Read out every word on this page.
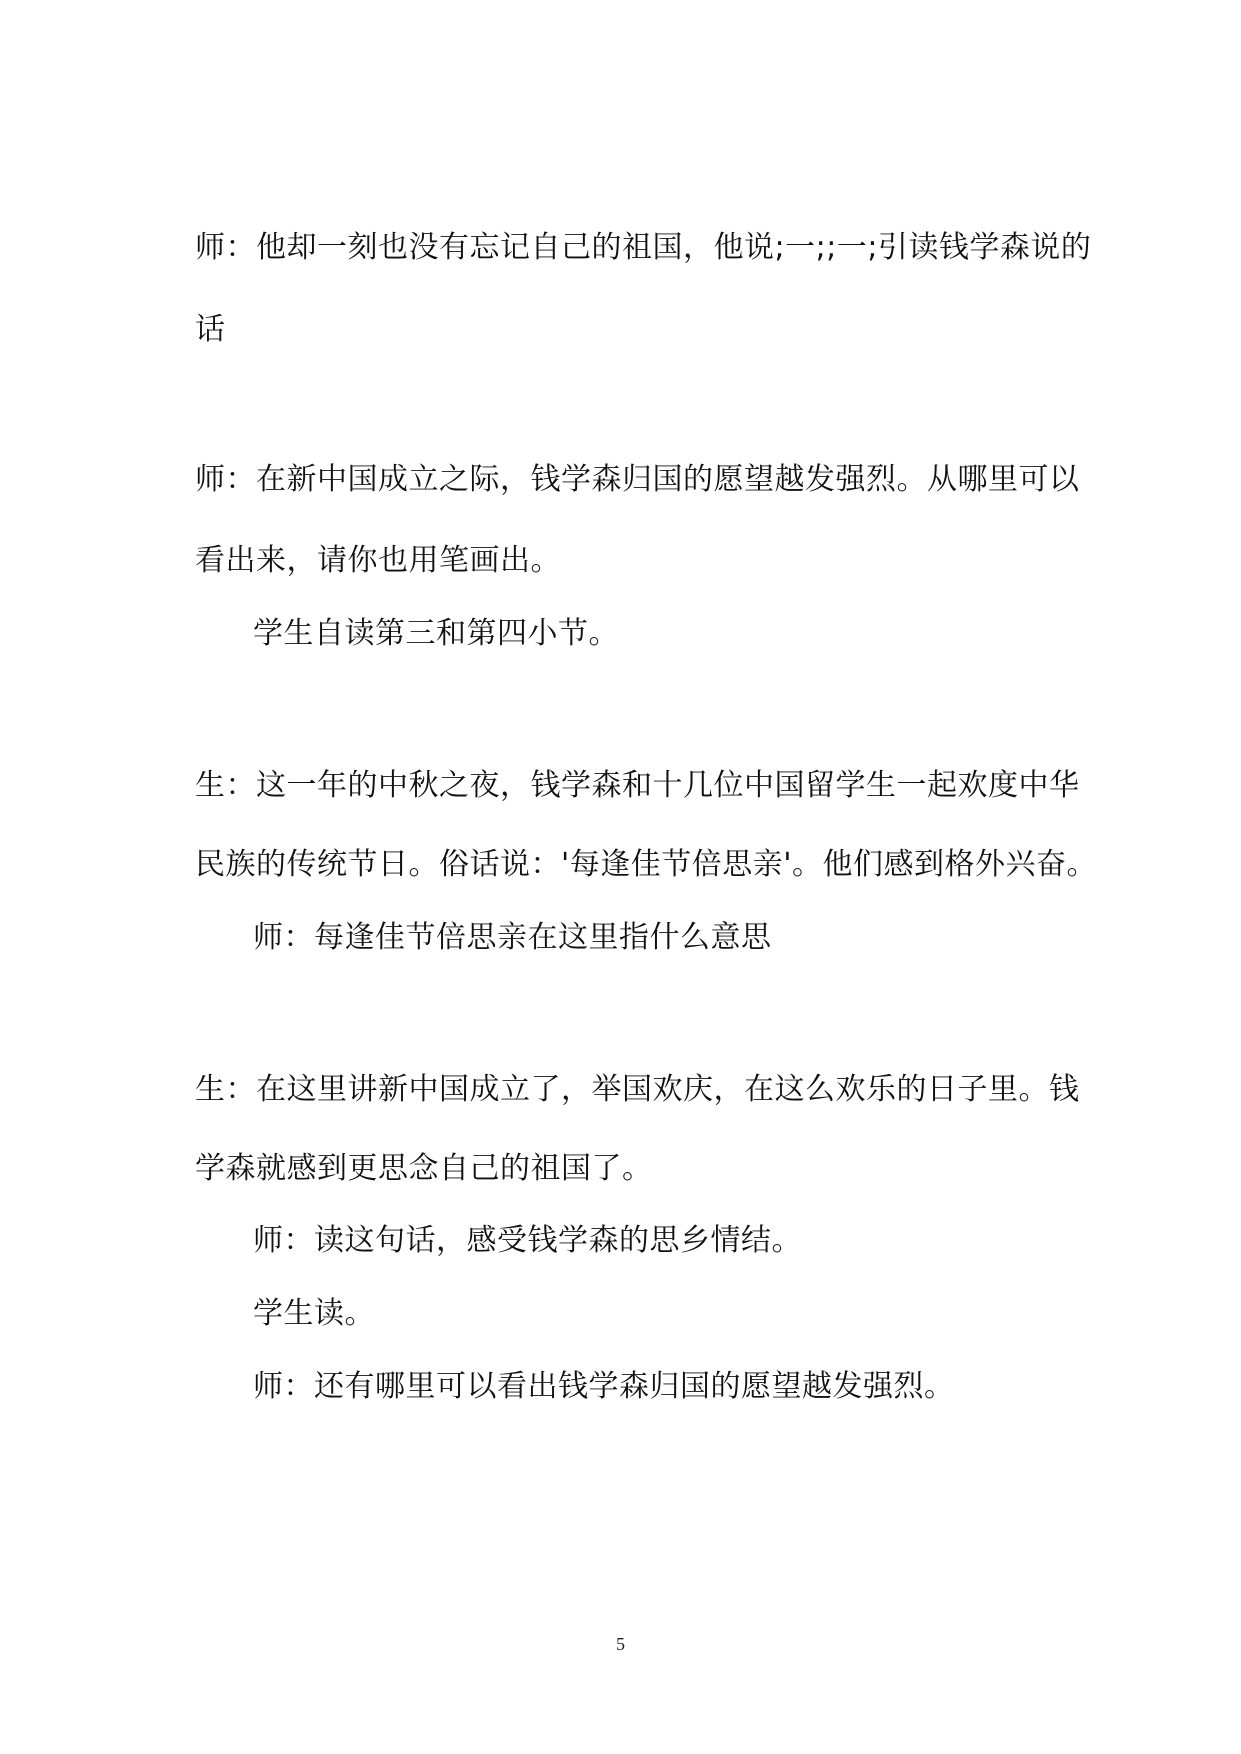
师：他却一刻也没有忘记自己的祖国，他说;一;;一;引读钱学森说的
话
师：在新中国成立之际，钱学森归国的愿望越发强烈。从哪里可以
看出来，请你也用笔画出。
学生自读第三和第四小节。
生：这一年的中秋之夜，钱学森和十几位中国留学生一起欢度中华
民族的传统节日。俗话说：'每逢佳节倍思亲'。他们感到格外兴奋。
师：每逢佳节倍思亲在这里指什么意思
生：在这里讲新中国成立了，举国欢庆，在这么欢乐的日子里。钱
学森就感到更思念自己的祖国了。
师：读这句话，感受钱学森的思乡情结。
学生读。
师：还有哪里可以看出钱学森归国的愿望越发强烈。
5
